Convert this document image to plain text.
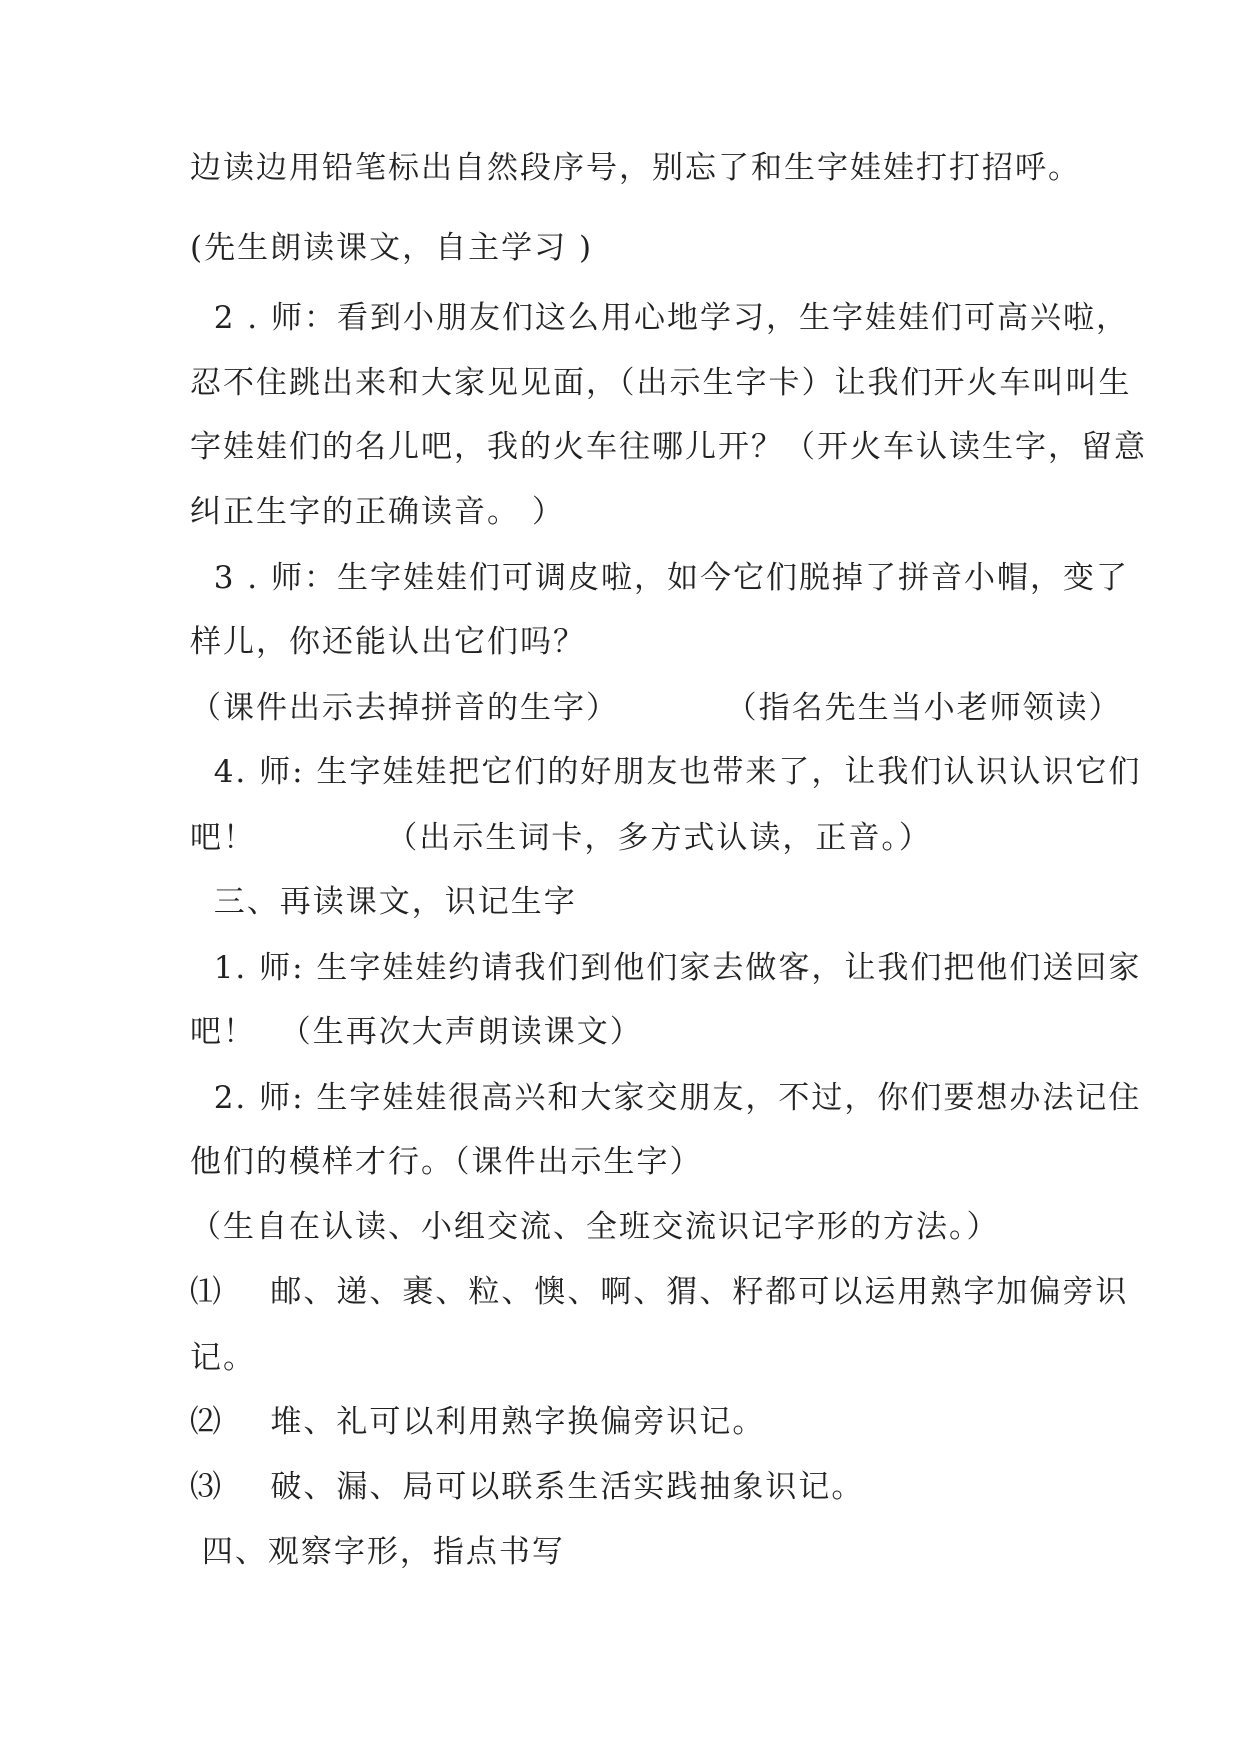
边读边用铅笔标出自然段序号，别忘了和生字娃娃打打招呼。
(先生朗读课文，自主学习 )
2 . 师：看到小朋友们这么用心地学习，生字娃娃们可高兴啦，
忍不住跳出来和大家见见面，（出示生字卡）让我们开火车叫叫生
字娃娃们的名儿吧，我的火车往哪儿开？（开火车认读生字，留意
纠正生字的正确读音。 ）
3 . 师：生字娃娃们可调皮啦，如今它们脱掉了拼音小帽，变了
样儿，你还能认出它们吗？
（课件出示去掉拼音的生字）         （指名先生当小老师领读）
4. 师: 生字娃娃把它们的好朋友也带来了，让我们认识认识它们
吧！           （出示生词卡，多方式认读，正音。）
三、再读课文，识记生字
1. 师: 生字娃娃约请我们到他们家去做客，让我们把他们送回家
吧！  （生再次大声朗读课文）
2. 师: 生字娃娃很高兴和大家交朋友，不过，你们要想办法记住
他们的模样才行。（课件出示生字）
（生自在认读、小组交流、全班交流识记字形的方法。）
⑴    邮、递、裹、粒、懊、啊、猬、籽都可以运用熟字加偏旁识
记。
⑵    堆、礼可以利用熟字换偏旁识记。
⑶    破、漏、局可以联系生活实践抽象识记。
四、观察字形，指点书写
